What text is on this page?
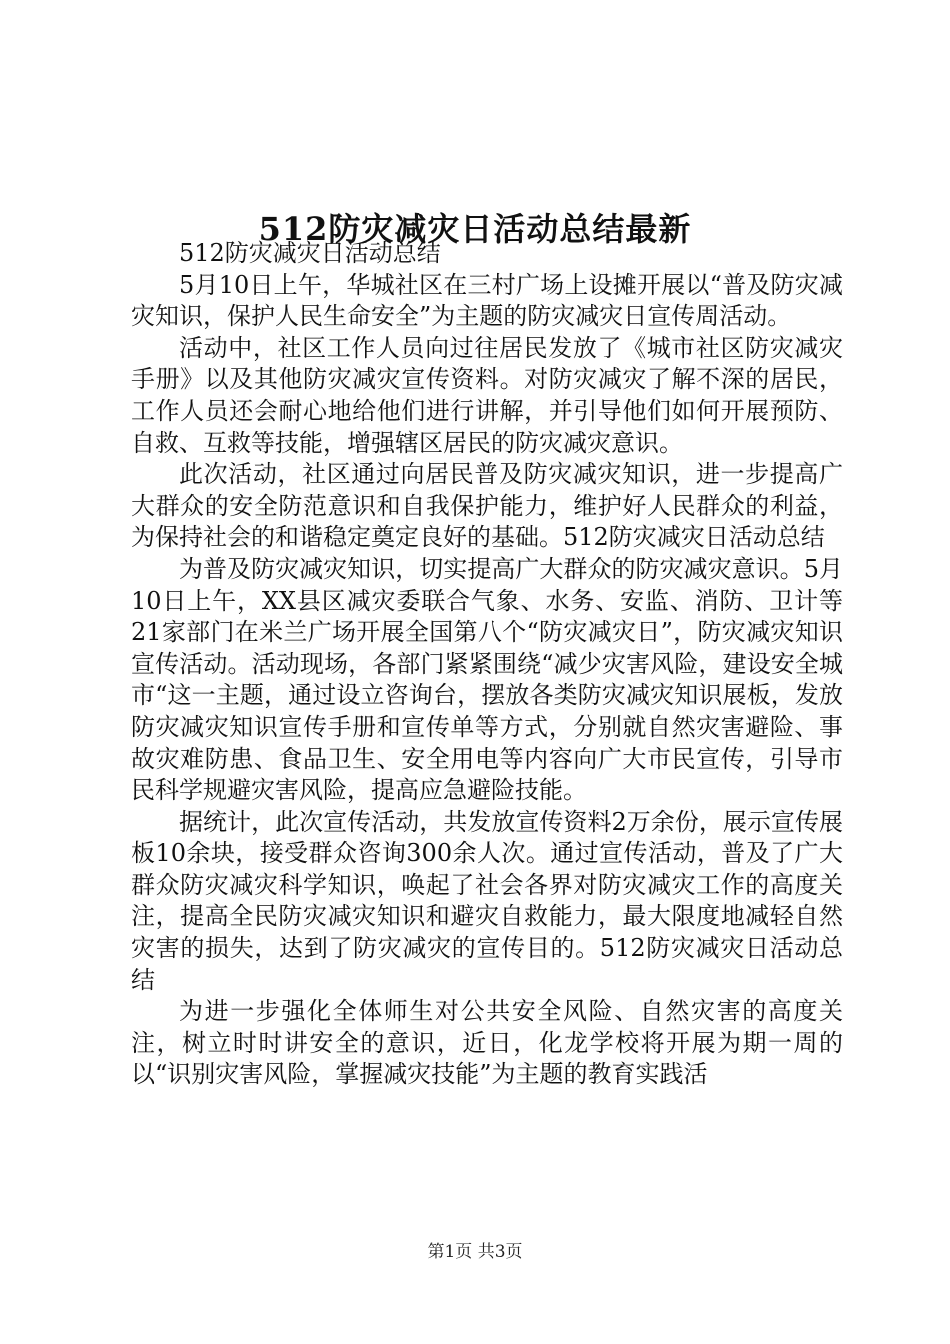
512防灾减灾日活动总结最新

512防灾减灾日活动总结

5月10日上午，华城社区在三村广场上设摊开展以“普及防灾减灾知识，保护人民生命安全”为主题的防灾减灾日宣传周活动。

活动中，社区工作人员向过往居民发放了《城市社区防灾减灾手册》以及其他防灾减灾宣传资料。对防灾减灾了解不深的居民，工作人员还会耐心地给他们进行讲解，并引导他们如何开展预防、自救、互救等技能，增强辖区居民的防灾减灾意识。

此次活动，社区通过向居民普及防灾减灾知识，进一步提高广大群众的安全防范意识和自我保护能力，维护好人民群众的利益，为保持社会的和谐稳定奠定良好的基础。512防灾减灾日活动总结

为普及防灾减灾知识，切实提高广大群众的防灾减灾意识。5月10日上午，XX县区减灾委联合气象、水务、安监、消防、卫计等21家部门在米兰广场开展全国第八个“防灾减灾日”，防灾减灾知识宣传活动。活动现场，各部门紧紧围绕“减少灾害风险，建设安全城市“这一主题，通过设立咨询台，摆放各类防灾减灾知识展板，发放防灾减灾知识宣传手册和宣传单等方式，分别就自然灾害避险、事故灾难防患、食品卫生、安全用电等内容向广大市民宣传，引导市民科学规避灾害风险，提高应急避险技能。

据统计，此次宣传活动，共发放宣传资料2万余份，展示宣传展板10余块，接受群众咨询300余人次。通过宣传活动，普及了广大群众防灾减灾科学知识，唤起了社会各界对防灾减灾工作的高度关注，提高全民防灾减灾知识和避灾自救能力，最大限度地减轻自然灾害的损失，达到了防灾减灾的宣传目的。512防灾减灾日活动总结

为进一步强化全体师生对公共安全风险、自然灾害的高度关注，树立时时讲安全的意识，近日，化龙学校将开展为期一周的以“识别灾害风险，掌握减灾技能”为主题的教育实践活

第1页 共3页
